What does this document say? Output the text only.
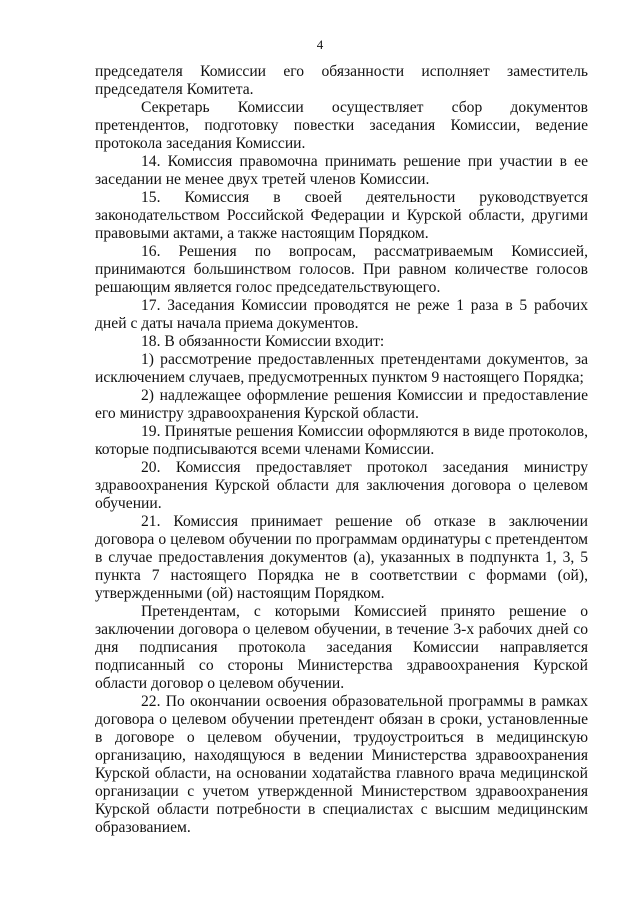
4

председателя Комиссии его обязанности исполняет заместитель председателя Комитета.

Секретарь Комиссии осуществляет сбор документов претендентов, подготовку повестки заседания Комиссии, ведение протокола заседания Комиссии.

14. Комиссия правомочна принимать решение при участии в ее заседании не менее двух третей членов Комиссии.

15. Комиссия в своей деятельности руководствуется законодательством Российской Федерации и Курской области, другими правовыми актами, а также настоящим Порядком.

16. Решения по вопросам, рассматриваемым Комиссией, принимаются большинством голосов. При равном количестве голосов решающим является голос председательствующего.

17. Заседания Комиссии проводятся не реже 1 раза в 5 рабочих дней с даты начала приема документов.

18. В обязанности Комиссии входит:

1) рассмотрение предоставленных претендентами документов, за исключением случаев, предусмотренных пунктом 9 настоящего Порядка;

2) надлежащее оформление решения Комиссии и предоставление его министру здравоохранения Курской области.

19. Принятые решения Комиссии оформляются в виде протоколов, которые подписываются всеми членами Комиссии.

20. Комиссия предоставляет протокол заседания министру здравоохранения Курской области для заключения договора о целевом обучении.

21. Комиссия принимает решение об отказе в заключении договора о целевом обучении по программам ординатуры с претендентом в случае предоставления документов (а), указанных в подпункта 1, 3, 5 пункта 7 настоящего Порядка не в соответствии с формами (ой), утвержденными (ой) настоящим Порядком.

Претендентам, с которыми Комиссией принято решение о заключении договора о целевом обучении, в течение 3-х рабочих дней со дня подписания протокола заседания Комиссии направляется подписанный со стороны Министерства здравоохранения Курской области договор о целевом обучении.

22. По окончании освоения образовательной программы в рамках договора о целевом обучении претендент обязан в сроки, установленные в договоре о целевом обучении, трудоустроиться в медицинскую организацию, находящуюся в ведении Министерства здравоохранения Курской области, на основании ходатайства главного врача медицинской организации с учетом утвержденной Министерством здравоохранения Курской области потребности в специалистах с высшим медицинским образованием.
